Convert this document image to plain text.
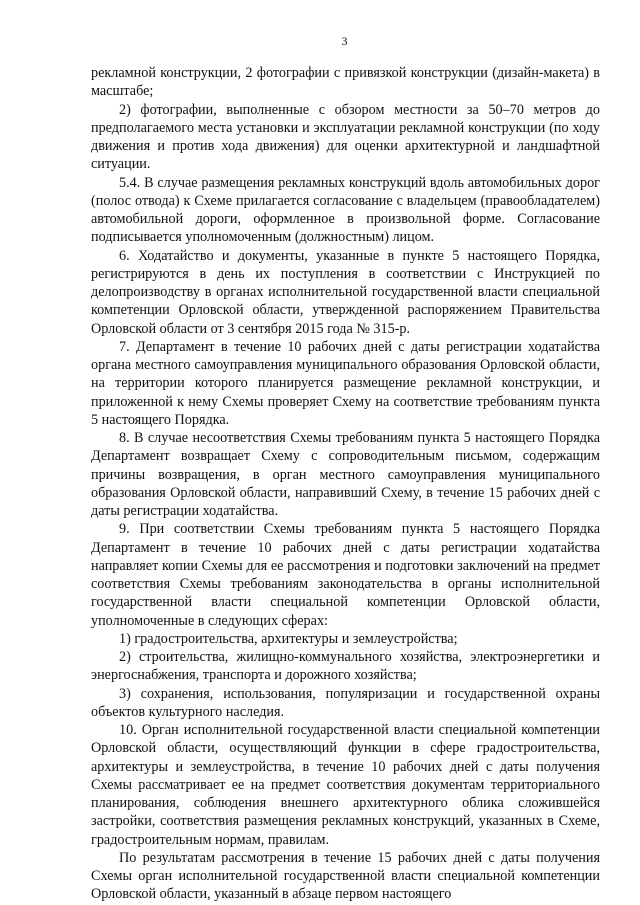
3

рекламной конструкции, 2 фотографии с привязкой конструкции (дизайн-макета) в масштабе;

2) фотографии, выполненные с обзором местности за 50–70 метров до предполагаемого места установки и эксплуатации рекламной конструкции (по ходу движения и против хода движения) для оценки архитектурной и ландшафтной ситуации.

5.4. В случае размещения рекламных конструкций вдоль автомобильных дорог (полос отвода) к Схеме прилагается согласование с владельцем (правообладателем) автомобильной дороги, оформленное в произвольной форме. Согласование подписывается уполномоченным (должностным) лицом.

6. Ходатайство и документы, указанные в пункте 5 настоящего Порядка, регистрируются в день их поступления в соответствии с Инструкцией по делопроизводству в органах исполнительной государственной власти специальной компетенции Орловской области, утвержденной распоряжением Правительства Орловской области от 3 сентября 2015 года № 315-р.

7. Департамент в течение 10 рабочих дней с даты регистрации ходатайства органа местного самоуправления муниципального образования Орловской области, на территории которого планируется размещение рекламной конструкции, и приложенной к нему Схемы проверяет Схему на соответствие требованиям пункта 5 настоящего Порядка.

8. В случае несоответствия Схемы требованиям пункта 5 настоящего Порядка Департамент возвращает Схему с сопроводительным письмом, содержащим причины возвращения, в орган местного самоуправления муниципального образования Орловской области, направивший Схему, в течение 15 рабочих дней с даты регистрации ходатайства.

9. При соответствии Схемы требованиям пункта 5 настоящего Порядка Департамент в течение 10 рабочих дней с даты регистрации ходатайства направляет копии Схемы для ее рассмотрения и подготовки заключений на предмет соответствия Схемы требованиям законодательства в органы исполнительной государственной власти специальной компетенции Орловской области, уполномоченные в следующих сферах:

1) градостроительства, архитектуры и землеустройства;

2) строительства, жилищно-коммунального хозяйства, электроэнергетики и энергоснабжения, транспорта и дорожного хозяйства;

3) сохранения, использования, популяризации и государственной охраны объектов культурного наследия.

10. Орган исполнительной государственной власти специальной компетенции Орловской области, осуществляющий функции в сфере градостроительства, архитектуры и землеустройства, в течение 10 рабочих дней с даты получения Схемы рассматривает ее на предмет соответствия документам территориального планирования, соблюдения внешнего архитектурного облика сложившейся застройки, соответствия размещения рекламных конструкций, указанных в Схеме, градостроительным нормам, правилам.

По результатам рассмотрения в течение 15 рабочих дней с даты получения Схемы орган исполнительной государственной власти специальной компетенции Орловской области, указанный в абзаце первом настоящего
